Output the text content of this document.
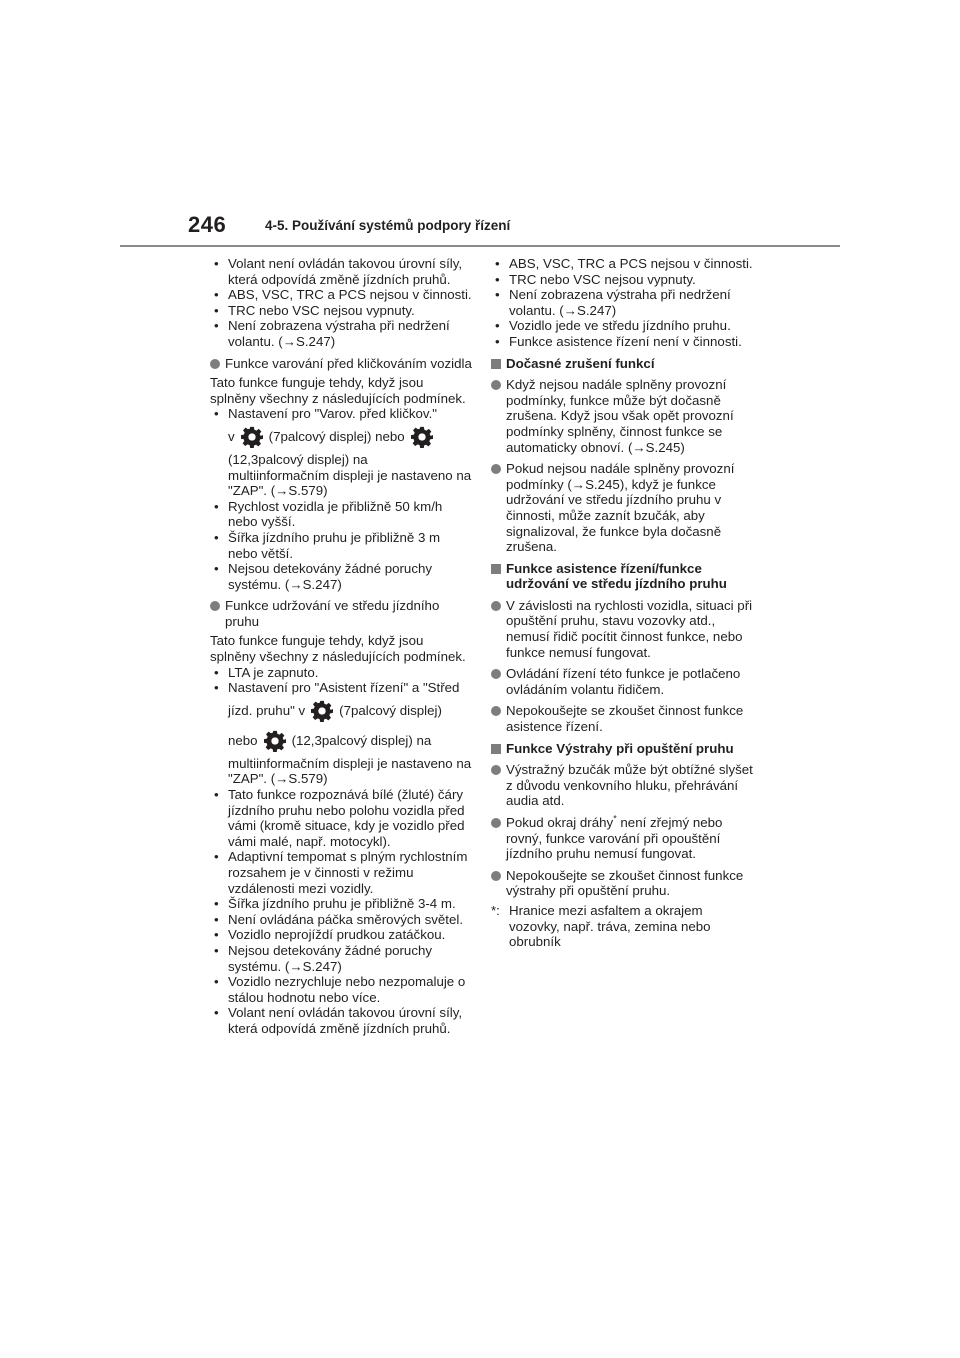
246	4-5. Používání systémů podpory řízení

• Volant není ovládán takovou úrovní síly, která odpovídá změně jízdních pruhů.

• ABS, VSC, TRC a PCS nejsou v činnosti.

• TRC nebo VSC nejsou vypnuty.

• Není zobrazena výstraha při nedržení volantu. (→S.247)

Funkce varování před kličkováním vozidla

Tato funkce funguje tehdy, když jsou splněny všechny z následujících podmínek.

• Nastavení pro "Varov. před kličkov."
v	(7palcový displej) nebo
(12,3palcový displej) na multiinformačním displeji je nastaveno na "ZAP". (→S.579)

• Rychlost vozidla je přibližně 50 km/h nebo vyšší.

• Šířka jízdního pruhu je přibližně 3 m nebo větší.

• Nejsou detekovány žádné poruchy systému. (→S.247)

Funkce udržování ve středu jízdního pruhu

Tato funkce funguje tehdy, když jsou splněny všechny z následujících podmínek.

• LTA je zapnuto.

• Nastavení pro "Asistent řízení" a "Střed
jízd. pruhu" v	(7palcový displej)
nebo	(12,3palcový displej) na
multiinformačním displeji je nastaveno na "ZAP". (→S.579)

• Tato funkce rozpoznává bílé (žluté) čáry jízdního pruhu nebo polohu vozidla před vámi (kromě situace, kdy je vozidlo před vámi malé, např. motocykl).

• Adaptivní tempomat s plným rychlostním rozsahem je v činnosti v režimu vzdálenosti mezi vozidly.

• Šířka jízdního pruhu je přibližně 3-4 m.

• Není ovládána páčka směrových světel.

• Vozidlo neprojíždí prudkou zatáčkou.

• Nejsou detekovány žádné poruchy systému. (→S.247)

• Vozidlo nezrychluje nebo nezpomaluje o stálou hodnotu nebo více.

• Volant není ovládán takovou úrovní síly, která odpovídá změně jízdních pruhů.

• ABS, VSC, TRC a PCS nejsou v činnosti.

• TRC nebo VSC nejsou vypnuty.

• Není zobrazena výstraha při nedržení volantu. (→S.247)

• Vozidlo jede ve středu jízdního pruhu.

• Funkce asistence řízení není v činnosti.

Dočasné zrušení funkcí

Když nejsou nadále splněny provozní podmínky, funkce může být dočasně zrušena. Když jsou však opět provozní podmínky splněny, činnost funkce se automaticky obnoví. (→S.245)

Pokud nejsou nadále splněny provozní podmínky (→S.245), když je funkce udržování ve středu jízdního pruhu v činnosti, může zaznít bzučák, aby signalizoval, že funkce byla dočasně zrušena.

Funkce asistence řízení/funkce udržování ve středu jízdního pruhu

V závislosti na rychlosti vozidla, situaci při opuštění pruhu, stavu vozovky atd., nemusí řidič pocítit činnost funkce, nebo funkce nemusí fungovat.

Ovládání řízení této funkce je potlačeno ovládáním volantu řidičem.

Nepokoušejte se zkoušet činnost funkce asistence řízení.

Funkce Výstrahy při opuštění pruhu

Výstražný bzučák může být obtížné slyšet z důvodu venkovního hluku, přehrávání audia atd.

Pokud okraj dráhy* není zřejmý nebo rovný, funkce varování při opouštění jízdního pruhu nemusí fungovat.

Nepokoušejte se zkoušet činnost funkce výstrahy při opuštění pruhu.

*: Hranice mezi asfaltem a okrajem vozovky, např. tráva, zemina nebo obrubník
